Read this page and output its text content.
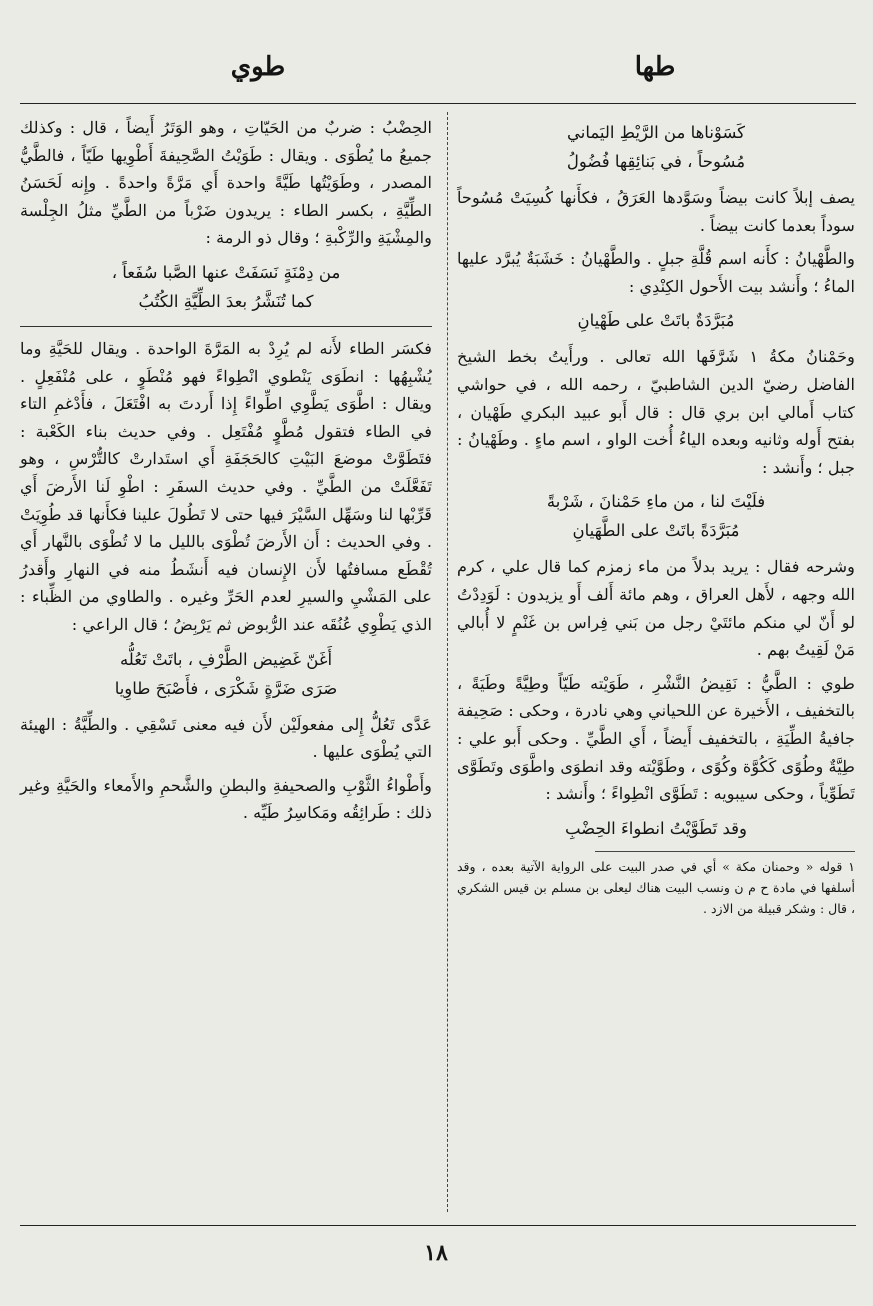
طها
طوي
كَسَوْناها من الرَّيْطِ اليَماني
مُسُوحاً ، في بَنائِقِها فُضُولُ

يصف إبلاً كانت بيضاً وسَوَّدها العَرَقُ ، فكأَنها كُسِيَتْ مُسُوحاً سوداً بعدما كانت بيضاً .

والطَّهْيانُ : كأَنه اسم قُلَّةِ جبلٍ . والطَّهْيانُ : خَشَبَةٌ يُبرَّد عليها الماءُ ؛ وأَنشد بيت الأَحول الكِنْدِي :

مُبَرَّدَةٌ باتَتْ على طَهْيانِ

وحَمْنانُ مكةُ ١ شَرَّفَها الله تعالى . ورأَيتُ بخط الشيخ الفاضل رضيّ الدين الشاطبيّ ، رحمه الله ، في حواشي كتاب أَمالي ابن بري قال : قال أَبو عبيد البكري طَهْيان ، بفتح أَوله وثانيه وبعده الياءُ أُخت الواو ، اسم ماءٍ . وطَهْيانُ : جبل ؛ وأَنشد :

فلَيْتَ لنا ، من ماءِ حَمْنانَ ، شَرْبةً
مُبَرَّدَةً باتَتْ على الطَّهَيانِ

وشرحه فقال : يريد بدلاً من ماء زمزم كما قال علي ، كرم الله وجهه ، لأَهل العراق ، وهم مائة أَلف أَو يزيدون : لَوَدِدْتُ لو أَنّ لي منكم مائتَيْ رجل من بَني فِراس بن غَنْمٍ لا أُبالي مَنْ لَقِيتُ بهم .

طوي : الطَّيُّ : نَقِيضُ النَّشْرِ ، طَوَيْته طَيّاً وطِيَّةً وطَيَةً ، بالتخفيف ، الأَخيرة عن اللحياني وهي نادرة ، وحكى : صَحِيفة جافيةُ الطِّيَةِ ، بالتخفيف أَيضاً ، أَي الطَّيِّ . وحكى أَبو علي : طِيَّةٌ وطُوًى كَكُوَّة وكُوًى ، وطَوَّيْته وقد انطوَى واطَّوَى وتَطَوَّى تَطَوِّياً ، وحكى سيبويه : تَطَوَّى انْطِواءً ؛ وأَنشد :

وقد تَطَوَّيْتُ انطواءَ الحِضْبِ
١ قوله « وحمنان مكة » أي في صدر البيت على الرواية الآتية بعده ، وقد أسلفها في مادة ح م ن ونسب البيت هناك ليعلى بن مسلم بن قيس الشكري ، قال : وشكر قبيلة من الازد .

الحِضْبُ : ضربٌ من الحَيّاتِ ، وهو الوَتَرُ أَيضاً ، قال : وكذلك جميعُ ما يُطْوَى . ويقال : طَوَيْتُ الصَّحِيفةَ أَطْوِيها طَيّاً ، فالطَّيُّ المصدر ، وطَوَيْتُها طَيَّةً واحدة أَي مَرَّةً واحدةً . وإِنه لَحَسَنُ الطِّيَّةِ ، بكسر الطاء : يريدون ضَرْباً من الطَّيِّ مثلُ الجِلْسة والمِشْيَةِ والرِّكْبةِ ؛ وقال ذو الرمة :

من دِمْنَةٍ نَسَفَتْ عنها الصَّبا سُفَعاً ،
كما تُنَشَّرُ بعدَ الطِّيَّةِ الكُتُبُ

فكسَر الطاء لأَنه لم يُرِدْ به المَرَّةَ الواحدة . ويقال للحَيَّةِ وما يُشْبِهُها : انطَوَى يَنْطوي انْطِواءً فهو مُنْطَوٍ ، على مُنْفَعِلٍ . ويقال : اطَّوَى يَطَّوِي اطِّواءً إِذا أَردتَ به افْتَعَلَ ، فأَدْغمِ التاء في الطاء فتقول مُطَّوٍ مُفْتَعِل . وفي حديث بناء الكَعْبة : فتَطَوَّتْ موضعَ البَيْتِ كالحَجَفَةِ أَي استَدارتْ كالتُّرْسِ ، وهو تَفَعَّلَتْ من الطَّيِّ . وفي حديث السفَرِ : اطْوِ لَنا الأَرضَ أَي قَرِّبْها لنا وسَهِّل السَّيْرَ فيها حتى لا تَطُولَ علينا فكأَنها قد طُوِيَتْ . وفي الحديث : أَن الأَرضَ تُطْوَى بالليل ما لا تُطْوَى بالنَّهار أَي تُقْطَع مسافتُها لأَن الإِنسان فيه أَنشَطُ منه في النهارِ وأَقدرُ على المَشْيِ والسيرِ لعدم الحَرِّ وغيره . والطاوي من الظِّباء : الذي يَطْوِي عُنُقَه عند الرُّبوض ثم يَرْبِضُ ؛ قال الراعي :

أَغَنّ غَضِيض الطَّرْفِ ، باتَتْ تَعُلُّه
صَرَى ضَرَّةٍ شَكْرَى ، فأَصْبَحَ طاوِيا

عَدَّى تَعُلُّ إِلى مفعولَيْن لأَن فيه معنى تَسْقِي . والطِّيَّةُ : الهيئة التي يُطْوَى عليها .

وأَطْواءُ الثَّوْبِ والصحيفةِ والبطنِ والشَّحمِ والأَمعاء والحَيَّةِ وغير ذلك : طَرائِقُه ومَكاسِرُ طَيِّه .

١٨
